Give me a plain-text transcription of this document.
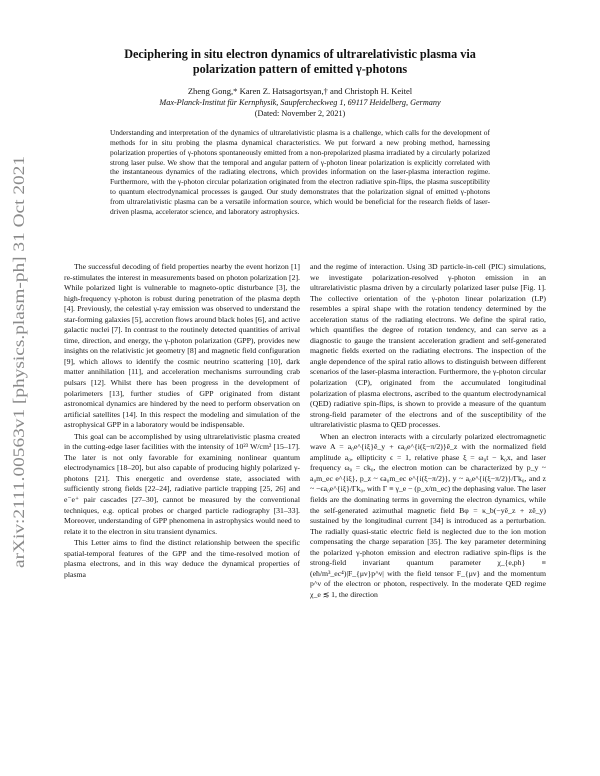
arXiv:2111.00563v1 [physics.plasm-ph] 31 Oct 2021
Deciphering in situ electron dynamics of ultrarelativistic plasma via
polarization pattern of emitted γ-photons
Zheng Gong,* Karen Z. Hatsagortsyan,† and Christoph H. Keitel
Max-Planck-Institut für Kernphysik, Saupfercheckweg 1, 69117 Heidelberg, Germany
(Dated: November 2, 2021)
Understanding and interpretation of the dynamics of ultrarelativistic plasma is a challenge, which calls for the development of methods for in situ probing the plasma dynamical characteristics. We put forward a new probing method, harnessing polarization properties of γ-photons spontaneously emitted from a non-prepolarized plasma irradiated by a circularly polarized strong laser pulse. We show that the temporal and angular pattern of γ-photon linear polarization is explicitly correlated with the instantaneous dynamics of the radiating electrons, which provides information on the laser-plasma interaction regime. Furthermore, with the γ-photon circular polarization originated from the electron radiative spin-flips, the plasma susceptibility to quantum electrodynamical processes is gauged. Our study demonstrates that the polarization signal of emitted γ-photons from ultrarelativistic plasma can be a versatile information source, which would be beneficial for the research fields of laser-driven plasma, accelerator science, and laboratory astrophysics.

The successful decoding of field properties nearby the event horizon [1] re-stimulates the interest in measurements based on photon polarization [2]. While polarized light is vulnerable to magneto-optic disturbance [3], the high-frequency γ-photon is robust during penetration of the plasma depth [4]. Previously, the celestial γ-ray emission was observed to understand the star-forming galaxies [5], accretion flows around black holes [6], and active galactic nuclei [7]. In contrast to the routinely detected quantities of arrival time, direction, and energy, the γ-photon polarization (GPP), provides new insights on the relativistic jet geometry [8] and magnetic field configuration [9], which allows to identify the cosmic neutrino scattering [10], dark matter annihilation [11], and acceleration mechanisms surrounding crab pulsars [12]. Whilst there has been progress in the development of polarimeters [13], further studies of GPP originated from distant astronomical dynamics are hindered by the need to perform observation on artificial satellites [14]. In this respect the modeling and simulation of the astrophysical GPP in a laboratory would be indispensable.

This goal can be accomplished by using ultrarelativistic plasma created in the cutting-edge laser facilities with the intensity of 10²³ W/cm² [15–17]. The later is not only favorable for examining nonlinear quantum electrodynamics [18–20], but also capable of producing highly polarized γ-photons [21]. This energetic and overdense state, associated with sufficiently strong fields [22–24], radiative particle trapping [25, 26] and e⁻e⁺ pair cascades [27–30], cannot be measured by the conventional techniques, e.g. optical probes or charged particle radiography [31–33]. Moreover, understanding of GPP phenomena in astrophysics would need to relate it to the electron in situ transient dynamics.

This Letter aims to find the distinct relationship between the specific spatial-temporal features of the GPP and the time-resolved motion of plasma electrons, and in this way deduce the dynamical properties of plasma

and the regime of interaction. Using 3D particle-in-cell (PIC) simulations, we investigate polarization-resolved γ-photon emission in an ultrarelativistic plasma driven by a circularly polarized laser pulse [Fig. 1]. The collective orientation of the γ-photon linear polarization (LP) resembles a spiral shape with the rotation tendency determined by the acceleration status of the radiating electrons. We define the spiral ratio, which quantifies the degree of rotation tendency, and can serve as a diagnostic to gauge the transient acceleration gradient and self-generated magnetic fields exerted on the radiating electrons. The inspection of the angle dependence of the spiral ratio allows to distinguish between different scenarios of the laser-plasma interaction. Furthermore, the γ-photon circular polarization (CP), originated from the accumulated longitudinal polarization of plasma electrons, ascribed to the quantum electrodynamical (QED) radiative spin-flips, is shown to provide a measure of the quantum strong-field parameter of the electrons and of the susceptibility of the ultrarelativistic plasma to QED processes.

When an electron interacts with a circularly polarized electromagnetic wave A = a₀e^{iξ}ê_y + ϵa₀e^{i(ξ−π/2)}ê_z with the normalized field amplitude a₀, ellipticity ϵ = 1, relative phase ξ = ω₀t − k₀x, and laser frequency ω₀ = ck₀, the electron motion can be characterized by p_y ~ a₀m_ec e^{iξ}, p_z ~ ϵa₀m_ec e^{i(ξ−π/2)}, y ~ a₀e^{i(ξ−π/2)}/Γk₀, and z ~ −ϵa₀e^{iξ}/Γk₀, with Γ ≡ γ_e − (p_x/m_ec) the dephasing value. The laser fields are the dominating terms in governing the electron dynamics, while the self-generated azimuthal magnetic field Bφ = κ_b(−yê_z + zê_y) sustained by the longitudinal current [34] is introduced as a perturbation. The radially quasi-static electric field is neglected due to the ion motion compensating the charge separation [35]. The key parameter determining the polarized γ-photon emission and electron radiative spin-flips is the strong-field invariant quantum parameter χ_{e,ph} ≡ (eħ/m³_ec⁴)|F_{μν}p^ν| with the field tensor F_{μν} and the momentum p^ν of the electron or photon, respectively. In the moderate QED regime χ_e ≲ 1, the direction
